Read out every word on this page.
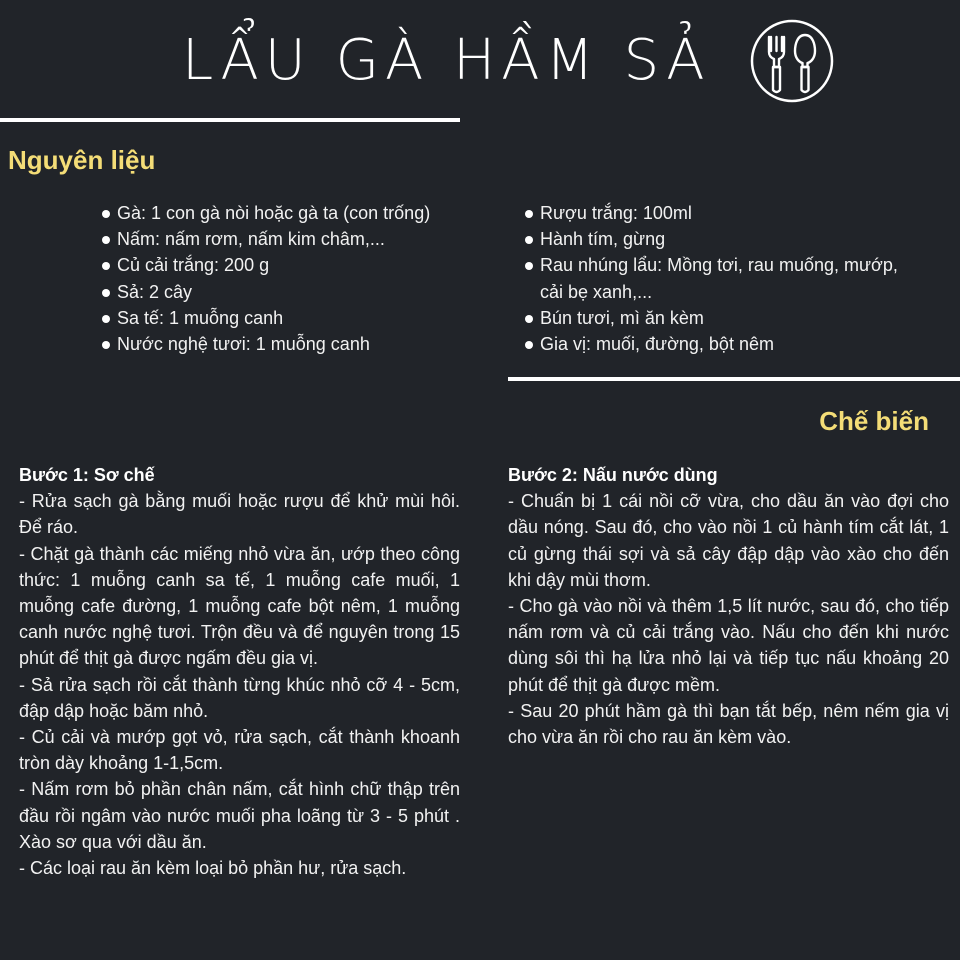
LẨU GÀ HẦM SẢ
Nguyên liệu
Gà: 1 con gà nòi hoặc gà ta (con trống)
Nấm: nấm rơm, nấm kim châm,...
Củ cải trắng: 200 g
Sả: 2 cây
Sa tế: 1 muỗng canh
Nước nghệ tươi: 1 muỗng canh
Rượu trắng: 100ml
Hành tím, gừng
Rau nhúng lẩu: Mồng tơi, rau muống, mướp, cải bẹ xanh,...
Bún tươi, mì ăn kèm
Gia vị: muối, đường, bột nêm
Chế biến
Bước 1: Sơ chế

- Rửa sạch gà bằng muối hoặc rượu để khử mùi hôi. Để ráo.

- Chặt gà thành các miếng nhỏ vừa ăn, ướp theo công thức: 1 muỗng canh sa tế, 1 muỗng cafe muối, 1 muỗng cafe đường, 1 muỗng cafe bột nêm, 1 muỗng canh nước nghệ tươi. Trộn đều và để nguyên trong 15 phút để thịt gà được ngấm đều gia vị.

- Sả rửa sạch rồi cắt thành từng khúc nhỏ cỡ 4 - 5cm, đập dập hoặc băm nhỏ.

- Củ cải và mướp gọt vỏ, rửa sạch, cắt thành khoanh tròn dày khoảng 1-1,5cm.

- Nấm rơm bỏ phần chân nấm, cắt hình chữ thập trên đầu rồi ngâm vào nước muối pha loãng từ 3 - 5 phút . Xào sơ qua với dầu ăn.

- Các loại rau ăn kèm loại bỏ phần hư, rửa sạch.

Bước 2: Nấu nước dùng

- Chuẩn bị 1 cái nồi cỡ vừa, cho dầu ăn vào đợi cho dầu nóng. Sau đó, cho vào nồi 1 củ hành tím cắt lát, 1 củ gừng thái sợi và sả cây đập dập vào xào cho đến khi dậy mùi thơm.

- Cho gà vào nồi và thêm 1,5 lít nước, sau đó, cho tiếp nấm rơm và củ cải trắng vào. Nấu cho đến khi nước dùng sôi thì hạ lửa nhỏ lại và tiếp tục nấu khoảng 20 phút để thịt gà được mềm.

- Sau 20 phút hầm gà thì bạn tắt bếp, nêm nếm gia vị cho vừa ăn rồi cho rau ăn kèm vào.
